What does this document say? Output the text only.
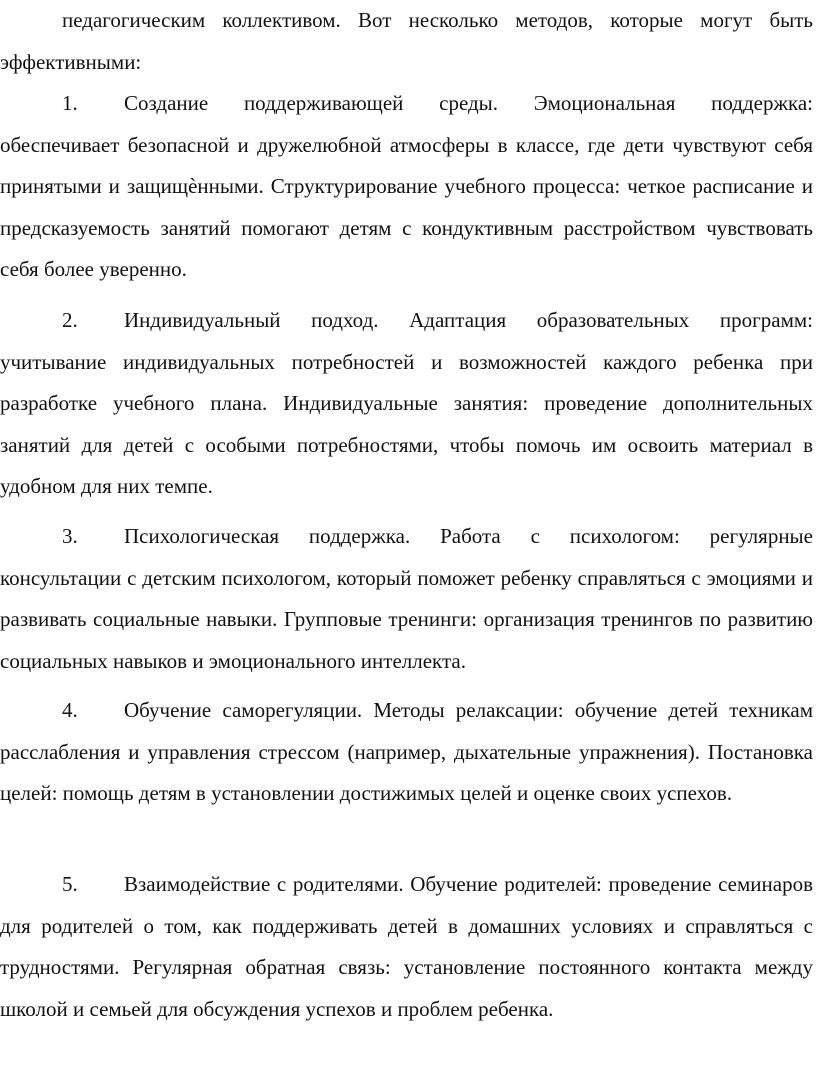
педагогическим коллективом. Вот несколько методов, которые могут быть эффективными:

1. Создание поддерживающей среды. Эмоциональная поддержка: обеспечивает безопасной и дружелюбной атмосферы в классе, где дети чувствуют себя принятыми и защищѐнными. Структурирование учебного процесса: четкое расписание и предсказуемость занятий помогают детям с кондуктивным расстройством чувствовать себя более уверенно.

2. Индивидуальный подход. Адаптация образовательных программ: учитывание индивидуальных потребностей и возможностей каждого ребенка при разработке учебного плана. Индивидуальные занятия: проведение дополнительных занятий для детей с особыми потребностями, чтобы помочь им освоить материал в удобном для них темпе.

3. Психологическая поддержка. Работа с психологом: регулярные консультации с детским психологом, который поможет ребенку справляться с эмоциями и развивать социальные навыки. Групповые тренинги: организация тренингов по развитию социальных навыков и эмоционального интеллекта.

4. Обучение саморегуляции. Методы релаксации: обучение детей техникам расслабления и управления стрессом (например, дыхательные упражнения). Постановка целей: помощь детям в установлении достижимых целей и оценке своих успехов.

5. Взаимодействие с родителями. Обучение родителей: проведение семинаров для родителей о том, как поддерживать детей в домашних условиях и справляться с трудностями. Регулярная обратная связь: установление постоянного контакта между школой и семьей для обсуждения успехов и проблем ребенка.
